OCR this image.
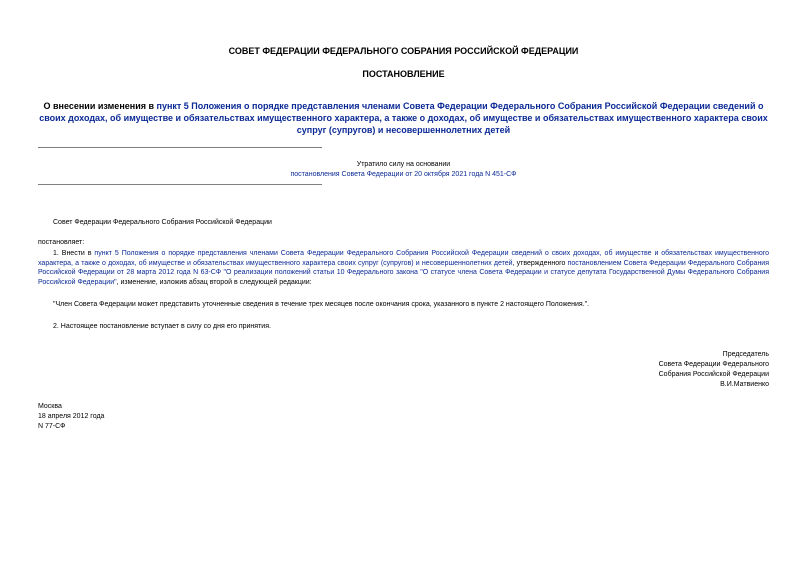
СОВЕТ ФЕДЕРАЦИИ ФЕДЕРАЛЬНОГО СОБРАНИЯ РОССИЙСКОЙ ФЕДЕРАЦИИ
ПОСТАНОВЛЕНИЕ
О внесении изменения в пункт 5 Положения о порядке представления членами Совета Федерации Федерального Собрания Российской Федерации сведений о своих доходах, об имуществе и обязательствах имущественного характера, а также о доходах, об имуществе и обязательствах имущественного характера своих супруг (супругов) и несовершеннолетних детей
Утратило силу на основании
постановления Совета Федерации от 20 октября 2021 года N 451-СФ
Совет Федерации Федерального Собрания Российской Федерации
постановляет:
1. Внести в пункт 5 Положения о порядке представления членами Совета Федерации Федерального Собрания Российской Федерации сведений о своих доходах, об имуществе и обязательствах имущественного характера, а также о доходах, об имуществе и обязательствах имущественного характера своих супруг (супругов) и несовершеннолетних детей, утвержденного постановлением Совета Федерации Федерального Собрания Российской Федерации от 28 марта 2012 года N 63-СФ "О реализации положений статьи 10 Федерального закона "О статусе члена Совета Федерации и статусе депутата Государственной Думы Федерального Собрания Российской Федерации", изменение, изложив абзац второй в следующей редакции:
"Член Совета Федерации может представить уточненные сведения в течение трех месяцев после окончания срока, указанного в пункте 2 настоящего Положения.".
2. Настоящее постановление вступает в силу со дня его принятия.
Председатель
Совета Федерации Федерального
Собрания Российской Федерации
В.И.Матвиенко
Москва
18 апреля 2012 года
N 77-СФ
